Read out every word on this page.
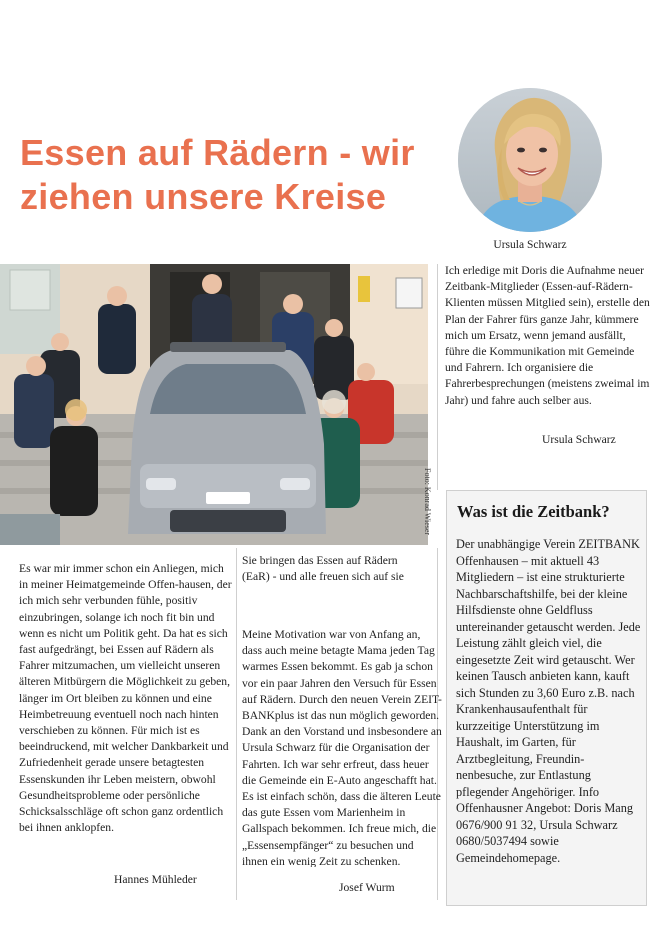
Essen auf Rädern - wir ziehen unsere Kreise
Ursula Schwarz
Ich erledige mit Doris die Aufnahme neuer Zeitbank-Mitglieder (Essen-auf-Rädern-Klienten müssen Mitglied sein), erstelle den Plan der Fahrer fürs ganze Jahr, kümmere mich um Ersatz, wenn jemand ausfällt, führe die Kommunikation mit Gemeinde und Fahrern. Ich organisiere die Fahrerbesprechungen (meistens zweimal im Jahr) und fahre auch selber aus.
Ursula Schwarz
Foto: Konrad Wieser
Sie bringen das Essen auf Rädern (EaR) - und alle freuen sich auf sie
Es war mir immer schon ein Anliegen, mich in meiner Heimatgemeinde Offen-hausen, der ich mich sehr verbunden fühle, positiv einzubringen, solange ich noch fit bin und wenn es nicht um Politik geht. Da hat es sich fast aufgedrängt, bei Essen auf Rädern als Fahrer mitzumachen, um vielleicht unseren älteren Mitbürgern die Möglichkeit zu geben, länger im Ort bleiben zu können und eine Heimbetreuung eventuell noch nach hinten verschieben zu können. Für mich ist es beeindruckend, mit welcher Dankbarkeit und Zufriedenheit gerade unsere betagtesten Essenskunden ihr Leben meistern, obwohl Gesundheitsprobleme oder persönliche Schicksalsschläge oft schon ganz ordentlich bei ihnen anklopfen.
Hannes Mühleder
Meine Motivation war von Anfang an, dass auch meine betagte Mama jeden Tag warmes Essen bekommt. Es gab ja schon vor ein paar Jahren den Versuch für Essen auf Rädern. Durch den neuen Verein ZEIT-BANKplus ist das nun möglich geworden. Dank an den Vorstand und insbesondere an Ursula Schwarz für die Organisation der Fahrten. Ich war sehr erfreut, dass heuer die Gemeinde ein E-Auto angeschafft hat. Es ist einfach schön, dass die älteren Leute das gute Essen vom Marienheim in Gallspach bekommen. Ich freue mich, die „Essensempfänger“ zu besuchen und ihnen ein wenig Zeit zu schenken.
Josef Wurm
Was ist die Zeitbank?
Der unabhängige Verein ZEITBANK Offenhausen – mit aktuell 43 Mitgliedern – ist eine strukturierte Nachbarschaftshilfe, bei der kleine Hilfsdienste ohne Geldfluss untereinander getauscht werden. Jede Leistung zählt gleich viel, die eingesetzte Zeit wird getauscht. Wer keinen Tausch anbieten kann, kauft sich Stunden zu 3,60 Euro z.B. nach Krankenhausaufenthalt für kurzzeitige Unterstützung im Haushalt, im Garten, für Arztbegleitung, Freundin-nenbesuche, zur Entlastung pflegender Angehöriger. Info Offenhausner Angebot: Doris Mang 0676/900 91 32, Ursula Schwarz 0680/5037494 sowie Gemeindehomepage.
